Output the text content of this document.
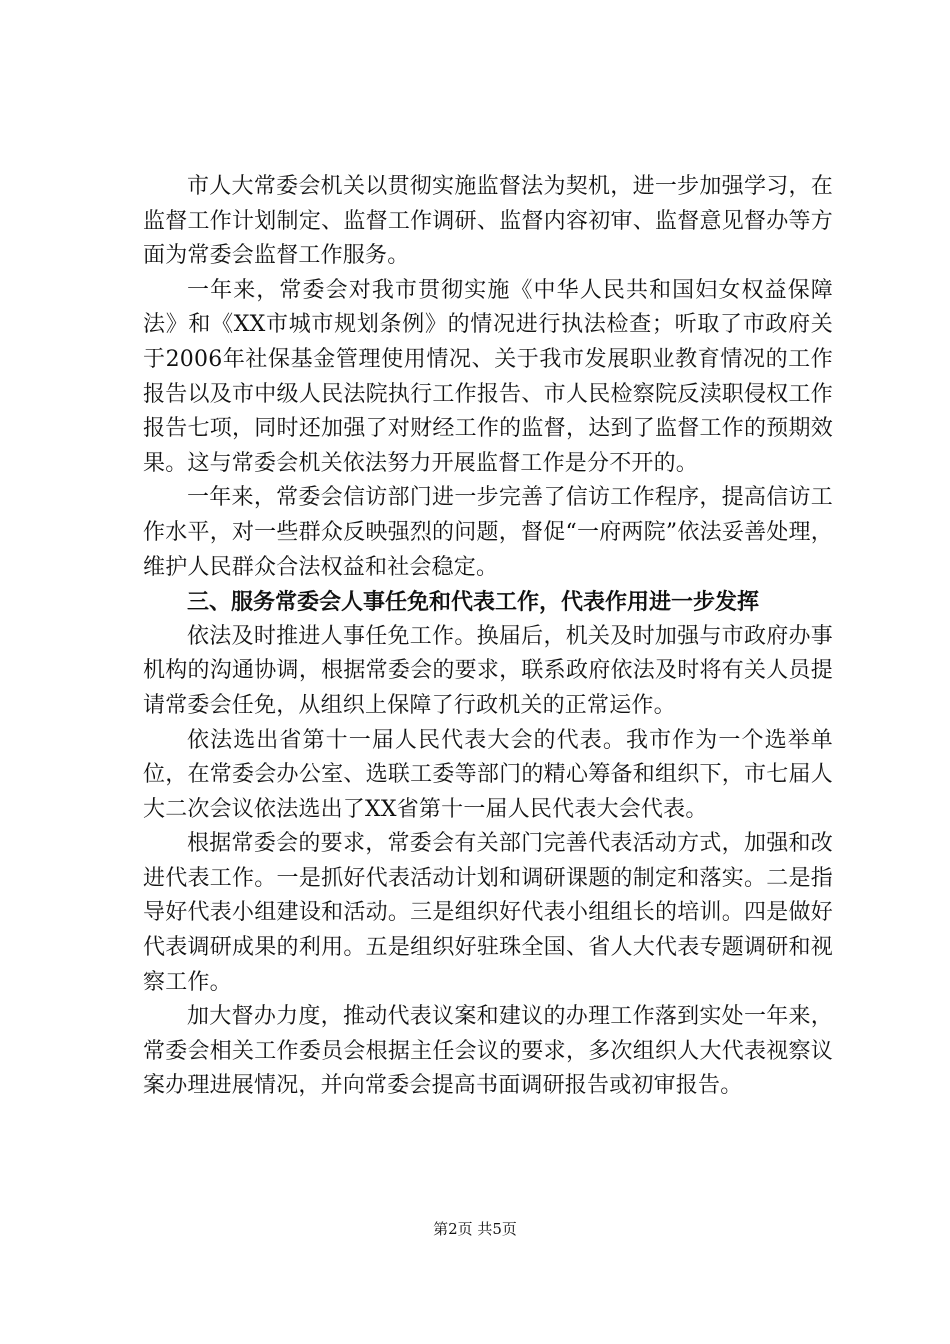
市人大常委会机关以贯彻实施监督法为契机，进一步加强学习，在监督工作计划制定、监督工作调研、监督内容初审、监督意见督办等方面为常委会监督工作服务。

一年来，常委会对我市贯彻实施《中华人民共和国妇女权益保障法》和《XX市城市规划条例》的情况进行执法检查；听取了市政府关于2006年社保基金管理使用情况、关于我市发展职业教育情况的工作报告以及市中级人民法院执行工作报告、市人民检察院反渎职侵权工作报告七项，同时还加强了对财经工作的监督，达到了监督工作的预期效果。这与常委会机关依法努力开展监督工作是分不开的。

一年来，常委会信访部门进一步完善了信访工作程序，提高信访工作水平，对一些群众反映强烈的问题，督促“一府两院”依法妥善处理，维护人民群众合法权益和社会稳定。

三、服务常委会人事任免和代表工作，代表作用进一步发挥

依法及时推进人事任免工作。换届后，机关及时加强与市政府办事机构的沟通协调，根据常委会的要求，联系政府依法及时将有关人员提请常委会任免，从组织上保障了行政机关的正常运作。

依法选出省第十一届人民代表大会的代表。我市作为一个选举单位，在常委会办公室、选联工委等部门的精心筹备和组织下，市七届人大二次会议依法选出了XX省第十一届人民代表大会代表。

根据常委会的要求，常委会有关部门完善代表活动方式，加强和改进代表工作。一是抓好代表活动计划和调研课题的制定和落实。二是指导好代表小组建设和活动。三是组织好代表小组组长的培训。四是做好代表调研成果的利用。五是组织好驻珠全国、省人大代表专题调研和视察工作。

加大督办力度，推动代表议案和建议的办理工作落到实处一年来，常委会相关工作委员会根据主任会议的要求，多次组织人大代表视察议案办理进展情况，并向常委会提高书面调研报告或初审报告。

第2页 共5页
